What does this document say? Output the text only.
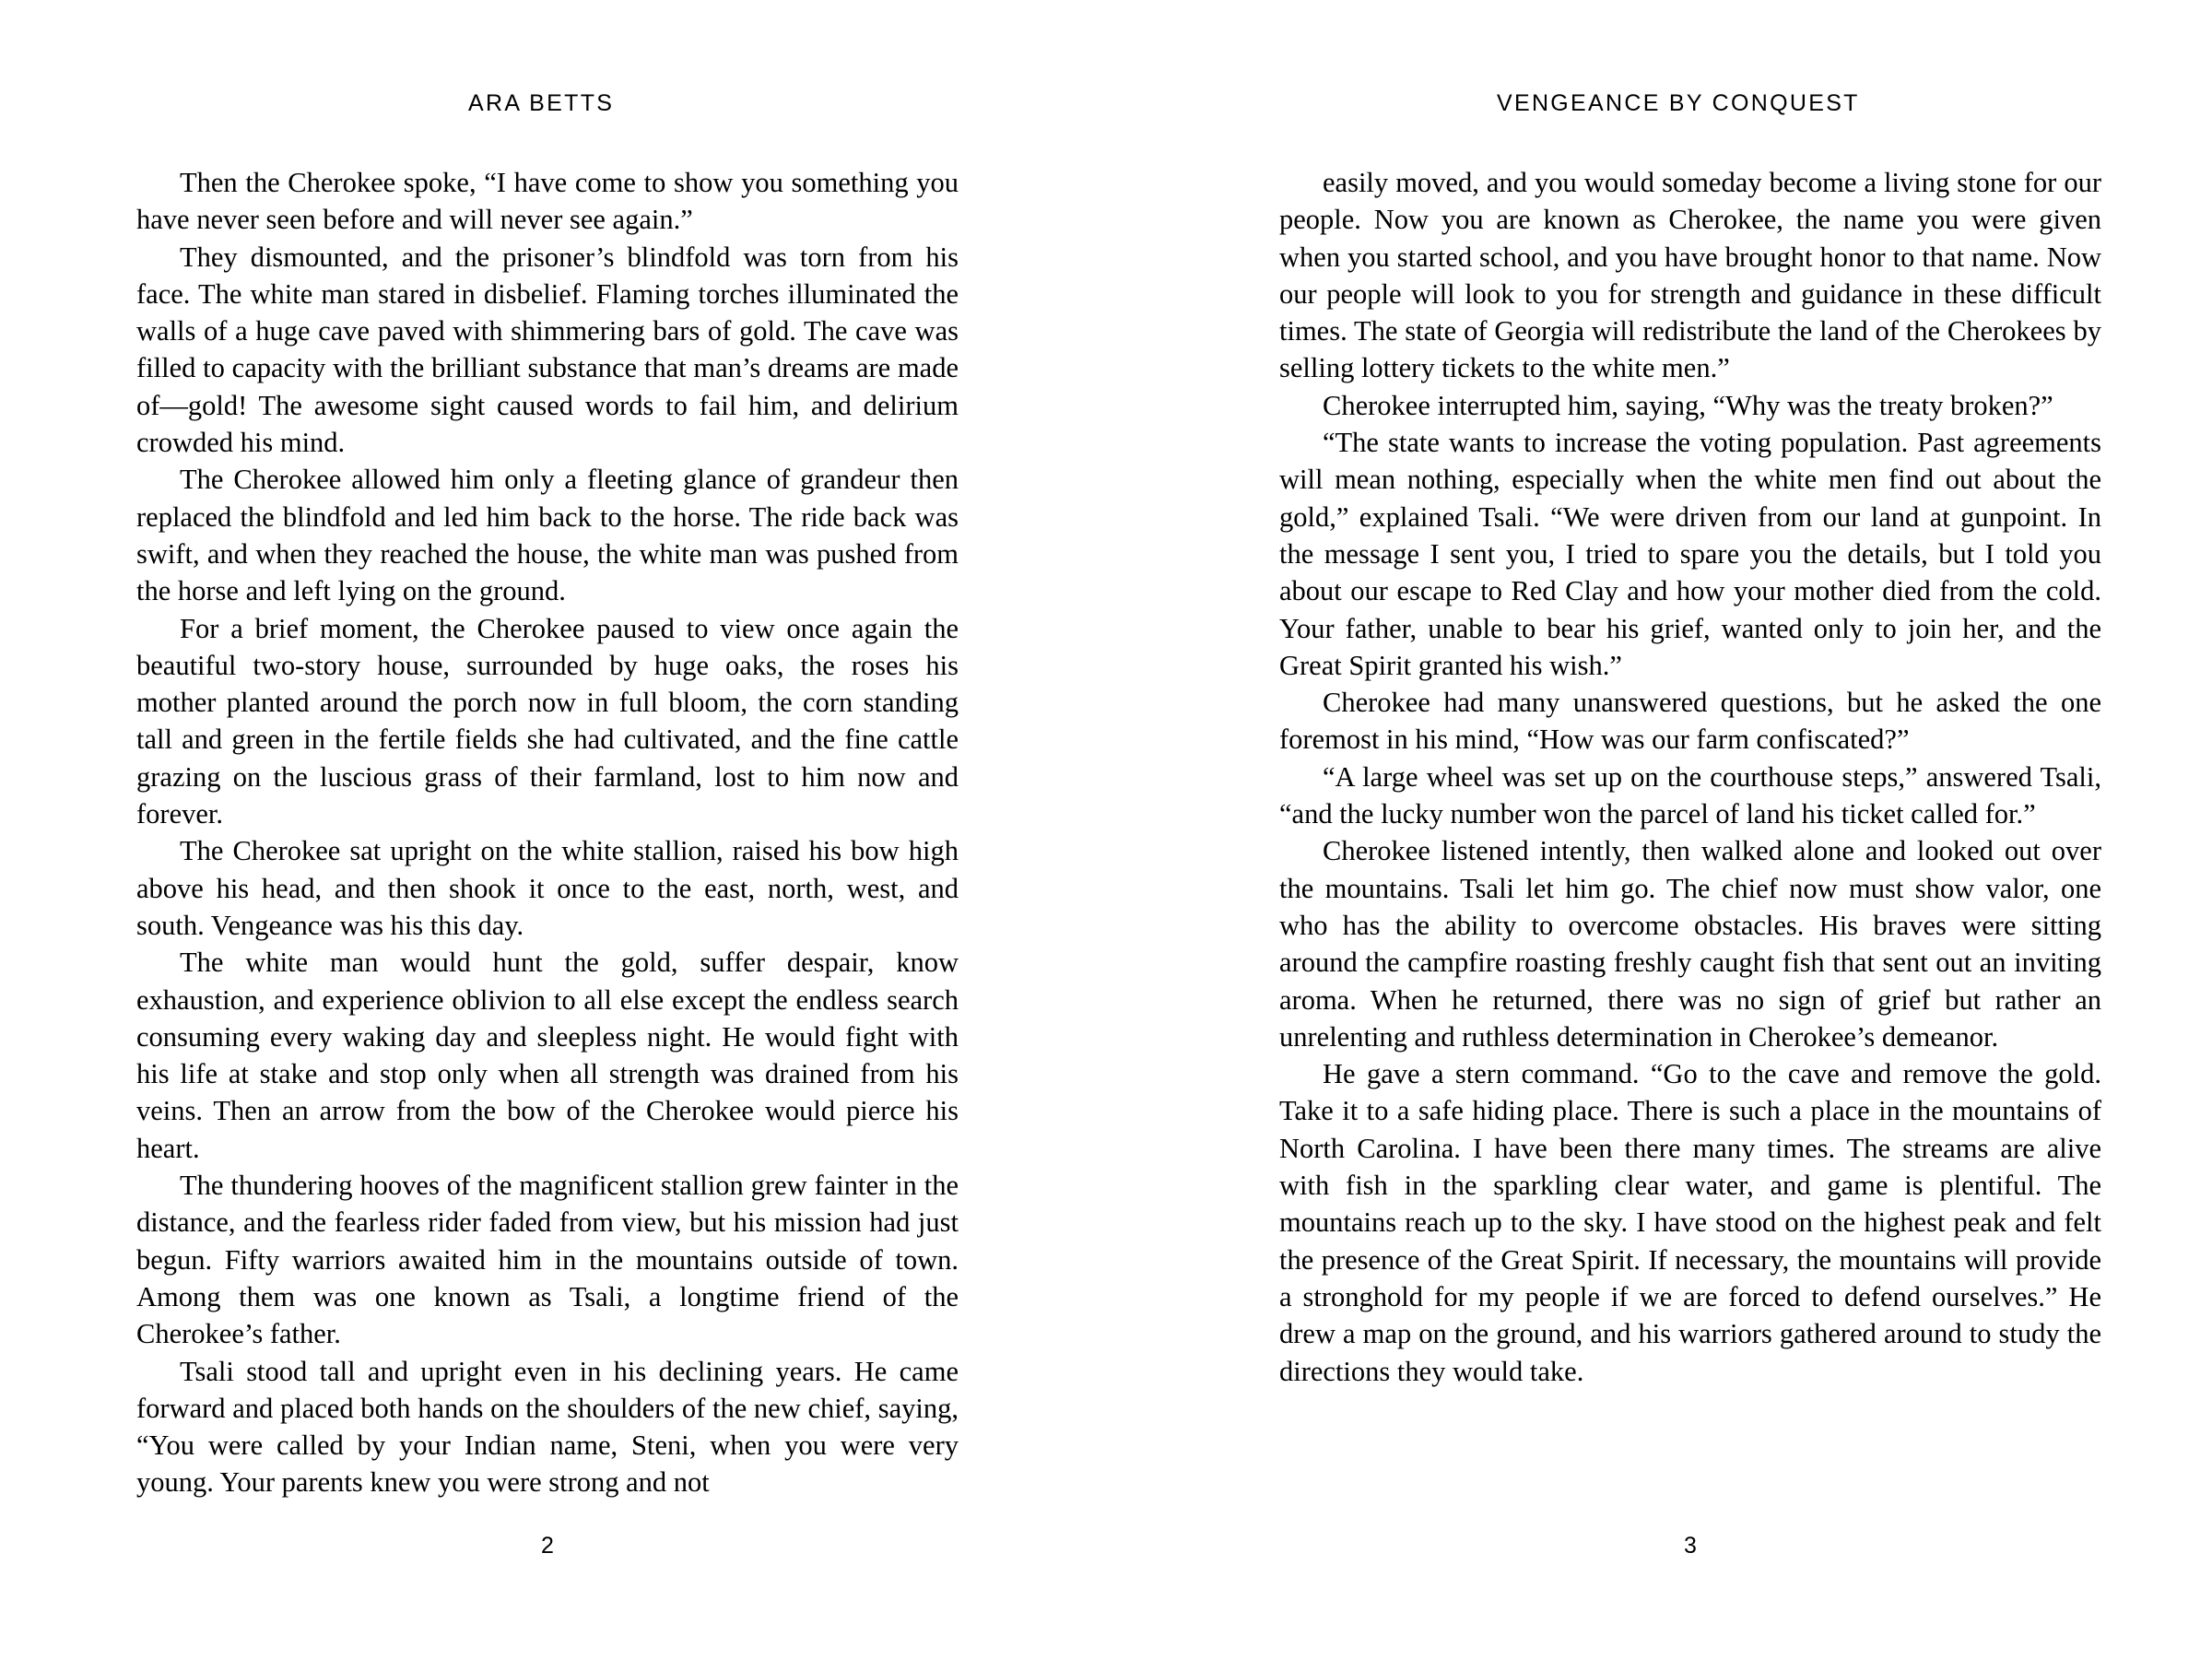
ARA BETTS	VENGEANCE BY CONQUEST

Then the Cherokee spoke, “I have come to show you something you have never seen before and will never see again.”

They dismounted, and the prisoner’s blindfold was torn from his face. The white man stared in disbelief. Flaming torches illuminated the walls of a huge cave paved with shimmering bars of gold. The cave was filled to capacity with the brilliant substance that man’s dreams are made of—gold! The awesome sight caused words to fail him, and delirium crowded his mind.

The Cherokee allowed him only a fleeting glance of grandeur then replaced the blindfold and led him back to the horse. The ride back was swift, and when they reached the house, the white man was pushed from the horse and left lying on the ground.

For a brief moment, the Cherokee paused to view once again the beautiful two-story house, surrounded by huge oaks, the roses his mother planted around the porch now in full bloom, the corn standing tall and green in the fertile fields she had cultivated, and the fine cattle grazing on the luscious grass of their farmland, lost to him now and forever.

The Cherokee sat upright on the white stallion, raised his bow high above his head, and then shook it once to the east, north, west, and south. Vengeance was his this day.

The white man would hunt the gold, suffer despair, know exhaustion, and experience oblivion to all else except the endless search consuming every waking day and sleepless night. He would fight with his life at stake and stop only when all strength was drained from his veins. Then an arrow from the bow of the Cherokee would pierce his heart.

The thundering hooves of the magnificent stallion grew fainter in the distance, and the fearless rider faded from view, but his mission had just begun. Fifty warriors awaited him in the mountains outside of town. Among them was one known as Tsali, a longtime friend of the Cherokee’s father.

Tsali stood tall and upright even in his declining years. He came forward and placed both hands on the shoulders of the new chief, saying, “You were called by your Indian name, Steni, when you were very young. Your parents knew you were strong and not

easily moved, and you would someday become a living stone for our people. Now you are known as Cherokee, the name you were given when you started school, and you have brought honor to that name. Now our people will look to you for strength and guidance in these difficult times. The state of Georgia will redistribute the land of the Cherokees by selling lottery tickets to the white men.”

Cherokee interrupted him, saying, “Why was the treaty broken?”

“The state wants to increase the voting population. Past agreements will mean nothing, especially when the white men find out about the gold,” explained Tsali. “We were driven from our land at gunpoint. In the message I sent you, I tried to spare you the details, but I told you about our escape to Red Clay and how your mother died from the cold. Your father, unable to bear his grief, wanted only to join her, and the Great Spirit granted his wish.”

Cherokee had many unanswered questions, but he asked the one foremost in his mind, “How was our farm confiscated?”

“A large wheel was set up on the courthouse steps,” answered Tsali, “and the lucky number won the parcel of land his ticket called for.”

Cherokee listened intently, then walked alone and looked out over the mountains. Tsali let him go. The chief now must show valor, one who has the ability to overcome obstacles. His braves were sitting around the campfire roasting freshly caught fish that sent out an inviting aroma. When he returned, there was no sign of grief but rather an unrelenting and ruthless determination in Cherokee’s demeanor.

He gave a stern command. “Go to the cave and remove the gold. Take it to a safe hiding place. There is such a place in the mountains of North Carolina. I have been there many times. The streams are alive with fish in the sparkling clear water, and game is plentiful. The mountains reach up to the sky. I have stood on the highest peak and felt the presence of the Great Spirit. If necessary, the mountains will provide a stronghold for my people if we are forced to defend ourselves.” He drew a map on the ground, and his warriors gathered around to study the directions they would take.

2	3
